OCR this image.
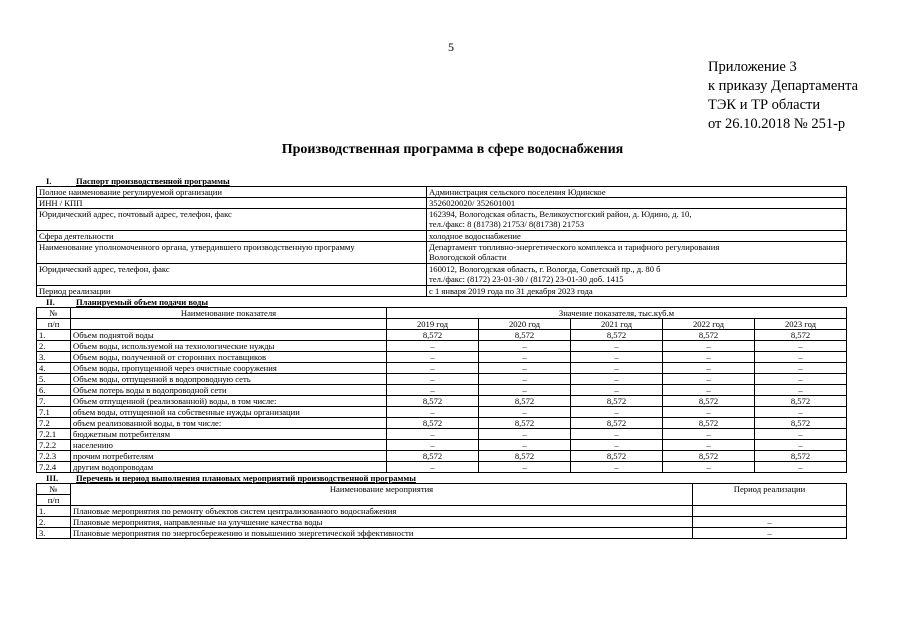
5
Приложение 3
к приказу Департамента
ТЭК и ТР области
от 26.10.2018 № 251-р
Производственная программа в сфере водоснабжения
I.	Паспорт производственной программы
Полное наименование регулируемой организации	Администрация сельского поселения Юдинское

ИНН / КПП	3526020020/ 352601001

Юридический адрес, почтовый адрес, телефон, факс	162394, Вологодская область, Великоустюгский район, д. Юдино, д. 10,
тел./факс: 8 (81738) 21753/ 8(81738) 21753

Сфера деятельности	холодное водоснабжение

Наименование уполномоченного органа, утвердившего производственную программу	Департамент топливно-энергетического комплекса и тарифного регулирования
Вологодской области

Юридический адрес, телефон, факс	160012, Вологодская область, г. Вологда, Советский пр., д. 80 б
тел./факс: (8172) 23-01-30 / (8172) 23-01-30 доб. 1415

Период реализации	с 1 января 2019 года по 31 декабря 2023 года
II.	Планируемый объем подачи воды
№	Наименование показателя	Значение показателя, тыс.куб.м				
п/п		2019 год	2020 год	2021 год	2022 год	2023 год
1.	Объем поднятой воды	8,572	8,572	8,572	8,572	8,572
2.	Объем воды, используемой на технологические нужды	–	–	–	–	–
3.	Объем воды, полученной от сторонних поставщиков	–	–	–	–	–
4.	Объем воды, пропущенной через очистные сооружения	–	–	–	–	–
5.	Объем воды, отпущенной в водопроводную сеть	–	–	–	–	–
6.	Объем потерь воды в водопроводной сети	–	–	–	–	–
7.	Объем отпущенной (реализованной) воды, в том числе:	8,572	8,572	8,572	8,572	8,572
7.1	объем воды, отпущенной на собственные нужды организации	–	–	–	–	–
7.2	объем реализованной воды, в том числе:	8,572	8,572	8,572	8,572	8,572
7.2.1	бюджетным потребителям	–	–	–	–	–
7.2.2	населению	–	–	–	–	–
7.2.3	прочим потребителям	8,572	8,572	8,572	8,572	8,572
7.2.4	другим водопроводам	–	–	–	–	–
III.	Перечень и период выполнения плановых мероприятий производственной программы
№	Наименование мероприятия	Период реализации
п/п		
1.	Плановые мероприятия по ремонту объектов систем централизованного водоснабжения	
2.	Плановые мероприятия, направленные на улучшение качества воды	–
3.	Плановые мероприятия по энергосбережению и повышению энергетической эффективности	–
